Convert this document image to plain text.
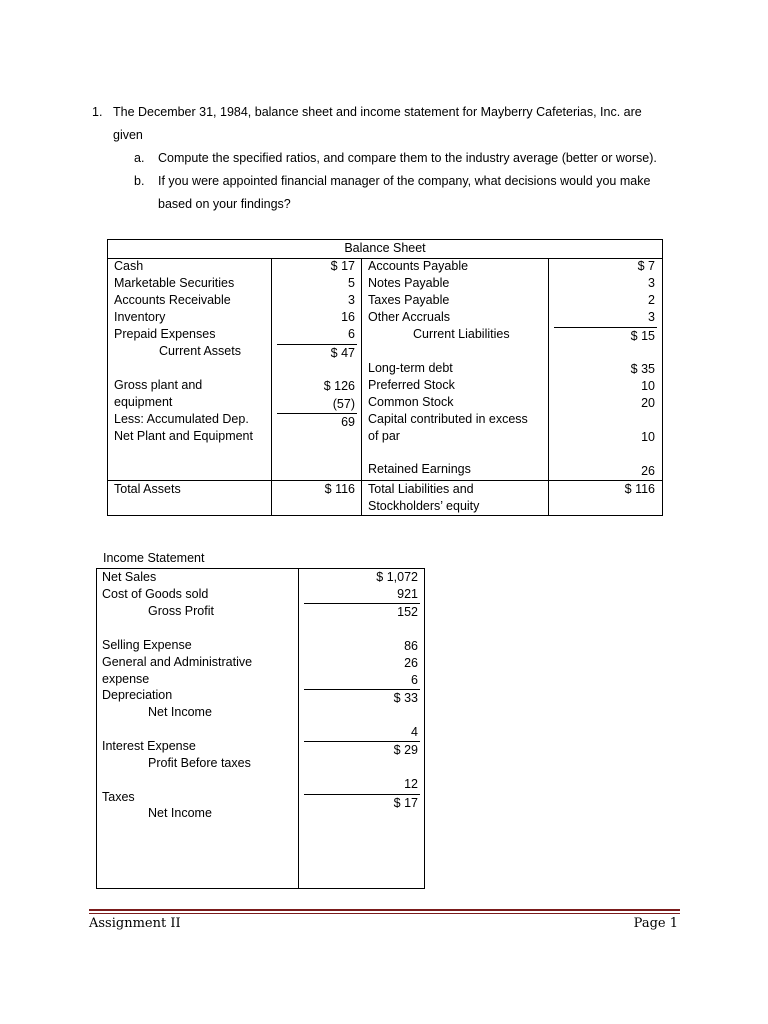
1. The December 31, 1984, balance sheet and income statement for Mayberry Cafeterias, Inc. are
given
a. Compute the specified ratios, and compare them to the industry average (better or worse).
b. If you were appointed financial manager of the company, what decisions would you make
based on your findings?
Balance Sheet
Cash
Marketable Securities
Accounts Receivable
Inventory
Prepaid Expenses
Current Assets
Gross plant and
equipment
Less: Accumulated Dep.
Net Plant and Equipment
Total Assets
$ 17
5
3
16
6
$ 47
$ 126
(57)
69
$ 116
Accounts Payable
Notes Payable
Taxes Payable
Other Accruals
Current Liabilities
Long-term debt
Preferred Stock
Common Stock
Capital contributed in excess
of par
Retained Earnings
Total Liabilities and
Stockholders’ equity
$ 7
3
2
3
$ 15
$ 35
10
20
10
26
$ 116
Income Statement
Net Sales
Cost of Goods sold
Gross Profit
Selling Expense
General and Administrative
expense
Depreciation
Net Income
Interest Expense
Profit Before taxes
Taxes
Net Income
$ 1,072
921
152
86
26
6
$ 33
4
$ 29
12
$ 17
Assignment II	Page 1
